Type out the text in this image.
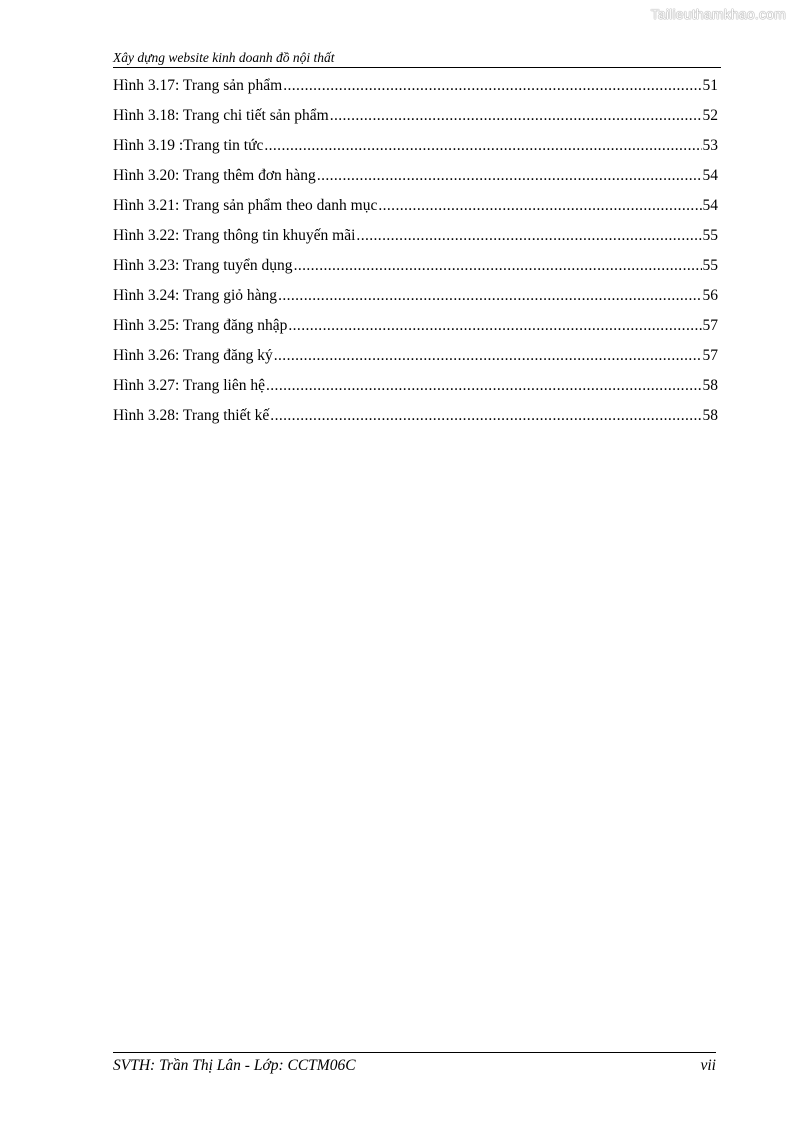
Tailieuthamkhao.com
Xây dựng website kinh doanh đồ nội thất
Hình 3.17: Trang sản phẩm .....	51
Hình 3.18: Trang chi tiết sản phẩm .....	52
Hình 3.19 :Trang tin tức .....	53
Hình 3.20: Trang thêm đơn hàng .....	54
Hình 3.21: Trang sản phẩm theo danh mục .....	54
Hình 3.22: Trang thông tin khuyến mãi .....	55
Hình 3.23: Trang tuyển dụng .....	55
Hình 3.24: Trang giỏ hàng .....	56
Hình 3.25: Trang đăng nhập .....	57
Hình 3.26: Trang đăng ký .....	57
Hình 3.27: Trang liên hệ .....	58
Hình 3.28: Trang thiết kế .....	58
SVTH: Trần Thị Lân - Lớp: CCTM06C	vii
